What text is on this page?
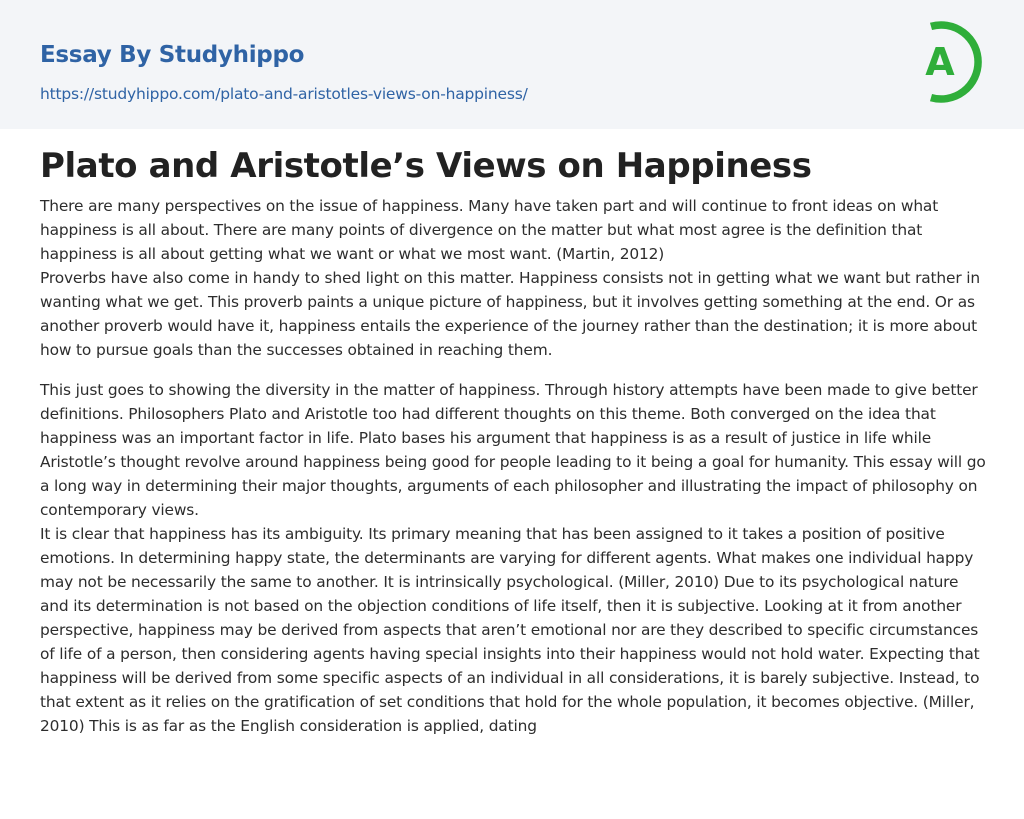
Essay By Studyhippo
https://studyhippo.com/plato-and-aristotles-views-on-happiness/
A
Plato and Aristotle’s Views on Happiness

There are many perspectives on the issue of happiness. Many have taken part and will continue to front ideas on what happiness is all about. There are many points of divergence on the matter but what most agree is the definition that happiness is all about getting what we want or what we most want. (Martin, 2012)

Proverbs have also come in handy to shed light on this matter. Happiness consists not in getting what we want but rather in wanting what we get. This proverb paints a unique picture of happiness, but it involves getting something at the end. Or as another proverb would have it, happiness entails the experience of the journey rather than the destination; it is more about how to pursue goals than the successes obtained in reaching them.

This just goes to showing the diversity in the matter of happiness. Through history attempts have been made to give better definitions. Philosophers Plato and Aristotle too had different thoughts on this theme. Both converged on the idea that happiness was an important factor in life. Plato bases his argument that happiness is as a result of justice in life while Aristotle’s thought revolve around happiness being good for people leading to it being a goal for humanity. This essay will go a long way in determining their major thoughts, arguments of each philosopher and illustrating the impact of philosophy on contemporary views.

It is clear that happiness has its ambiguity. Its primary meaning that has been assigned to it takes a position of positive emotions. In determining happy state, the determinants are varying for different agents. What makes one individual happy may not be necessarily the same to another. It is intrinsically psychological. (Miller, 2010) Due to its psychological nature and its determination is not based on the objection conditions of life itself, then it is subjective. Looking at it from another perspective, happiness may be derived from aspects that aren’t emotional nor are they described to specific circumstances of life of a person, then considering agents having special insights into their happiness would not hold water. Expecting that happiness will be derived from some specific aspects of an individual in all considerations, it is barely subjective. Instead, to that extent as it relies on the gratification of set conditions that hold for the whole population, it becomes objective. (Miller, 2010) This is as far as the English consideration is applied, dating
